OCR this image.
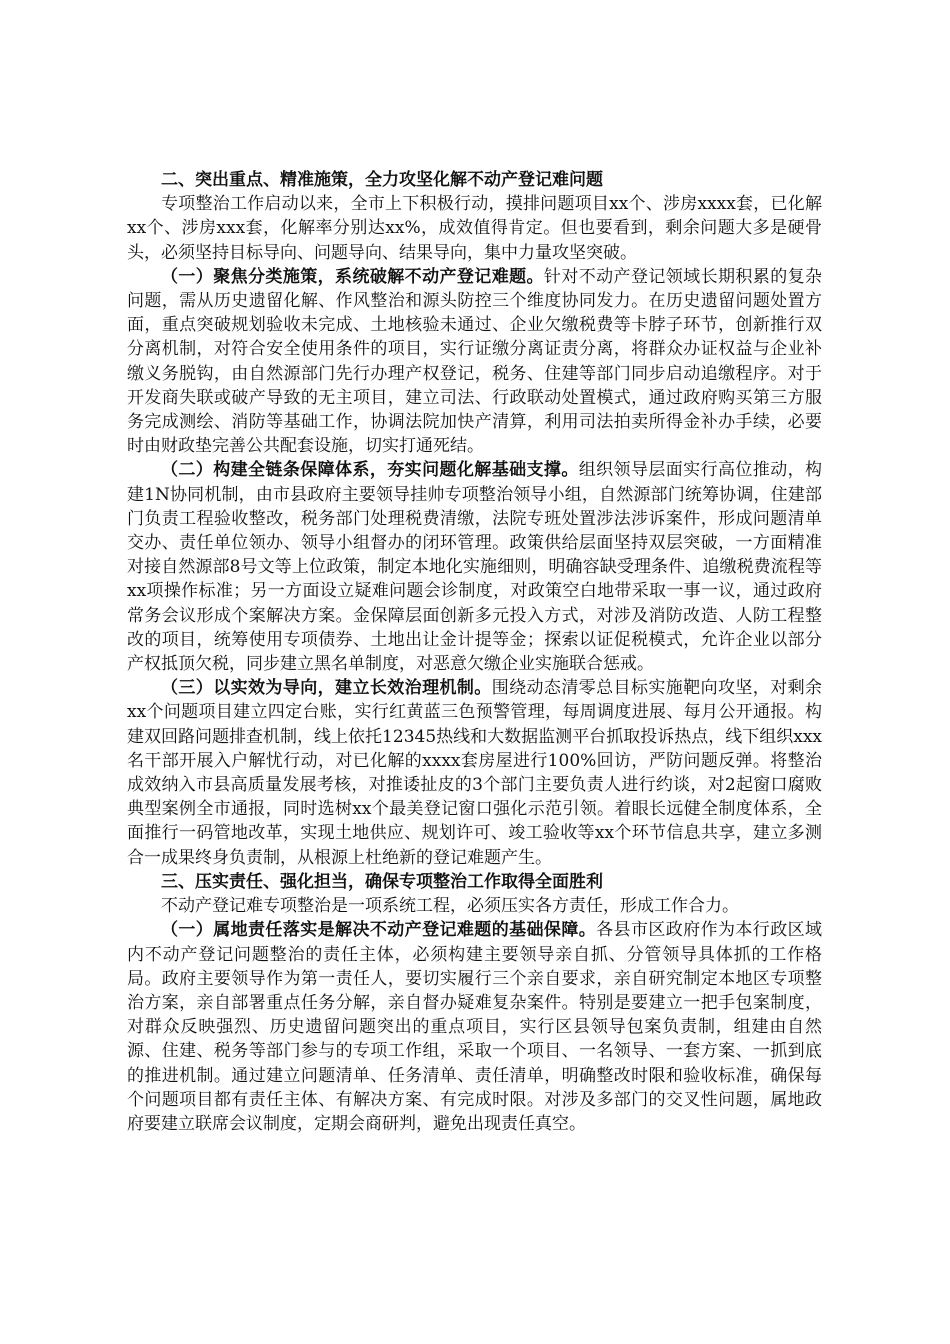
二、突出重点、精准施策，全力攻坚化解不动产登记难问题

专项整治工作启动以来，全市上下积极行动，摸排问题项目xx个、涉房xxxx套，已化解xx个、涉房xxx套，化解率分别达xx%，成效值得肯定。但也要看到，剩余问题大多是硬骨头，必须坚持目标导向、问题导向、结果导向，集中力量攻坚突破。

（一）聚焦分类施策，系统破解不动产登记难题。针对不动产登记领域长期积累的复杂问题，需从历史遗留化解、作风整治和源头防控三个维度协同发力。在历史遗留问题处置方面，重点突破规划验收未完成、土地核验未通过、企业欠缴税费等卡脖子环节，创新推行双分离机制，对符合安全使用条件的项目，实行证缴分离证责分离，将群众办证权益与企业补缴义务脱钩，由自然源部门先行办理产权登记，税务、住建等部门同步启动追缴程序。对于开发商失联或破产导致的无主项目，建立司法、行政联动处置模式，通过政府购买第三方服务完成测绘、消防等基础工作，协调法院加快产清算，利用司法拍卖所得金补办手续，必要时由财政垫完善公共配套设施，切实打通死结。

（二）构建全链条保障体系，夯实问题化解基础支撑。组织领导层面实行高位推动，构建1N协同机制，由市县政府主要领导挂帅专项整治领导小组，自然源部门统筹协调，住建部门负责工程验收整改，税务部门处理税费清缴，法院专班处置涉法涉诉案件，形成问题清单交办、责任单位领办、领导小组督办的闭环管理。政策供给层面坚持双层突破，一方面精准对接自然源部8号文等上位政策，制定本地化实施细则，明确容缺受理条件、追缴税费流程等xx项操作标准；另一方面设立疑难问题会诊制度，对政策空白地带采取一事一议，通过政府常务会议形成个案解决方案。金保障层面创新多元投入方式，对涉及消防改造、人防工程整改的项目，统筹使用专项债券、土地出让金计提等金；探索以证促税模式，允许企业以部分产权抵顶欠税，同步建立黑名单制度，对恶意欠缴企业实施联合惩戒。

（三）以实效为导向，建立长效治理机制。围绕动态清零总目标实施靶向攻坚，对剩余xx个问题项目建立四定台账，实行红黄蓝三色预警管理，每周调度进展、每月公开通报。构建双回路问题排查机制，线上依托12345热线和大数据监测平台抓取投诉热点，线下组织xxx名干部开展入户解忧行动，对已化解的xxxx套房屋进行100%回访，严防问题反弹。将整治成效纳入市县高质量发展考核，对推诿扯皮的3个部门主要负责人进行约谈，对2起窗口腐败典型案例全市通报，同时选树xx个最美登记窗口强化示范引领。着眼长远健全制度体系，全面推行一码管地改革，实现土地供应、规划许可、竣工验收等xx个环节信息共享，建立多测合一成果终身负责制，从根源上杜绝新的登记难题产生。

三、压实责任、强化担当，确保专项整治工作取得全面胜利

不动产登记难专项整治是一项系统工程，必须压实各方责任，形成工作合力。

（一）属地责任落实是解决不动产登记难题的基础保障。各县市区政府作为本行政区域内不动产登记问题整治的责任主体，必须构建主要领导亲自抓、分管领导具体抓的工作格局。政府主要领导作为第一责任人，要切实履行三个亲自要求，亲自研究制定本地区专项整治方案，亲自部署重点任务分解，亲自督办疑难复杂案件。特别是要建立一把手包案制度，对群众反映强烈、历史遗留问题突出的重点项目，实行区县领导包案负责制，组建由自然源、住建、税务等部门参与的专项工作组，采取一个项目、一名领导、一套方案、一抓到底的推进机制。通过建立问题清单、任务清单、责任清单，明确整改时限和验收标准，确保每个问题项目都有责任主体、有解决方案、有完成时限。对涉及多部门的交叉性问题，属地政府要建立联席会议制度，定期会商研判，避免出现责任真空。
